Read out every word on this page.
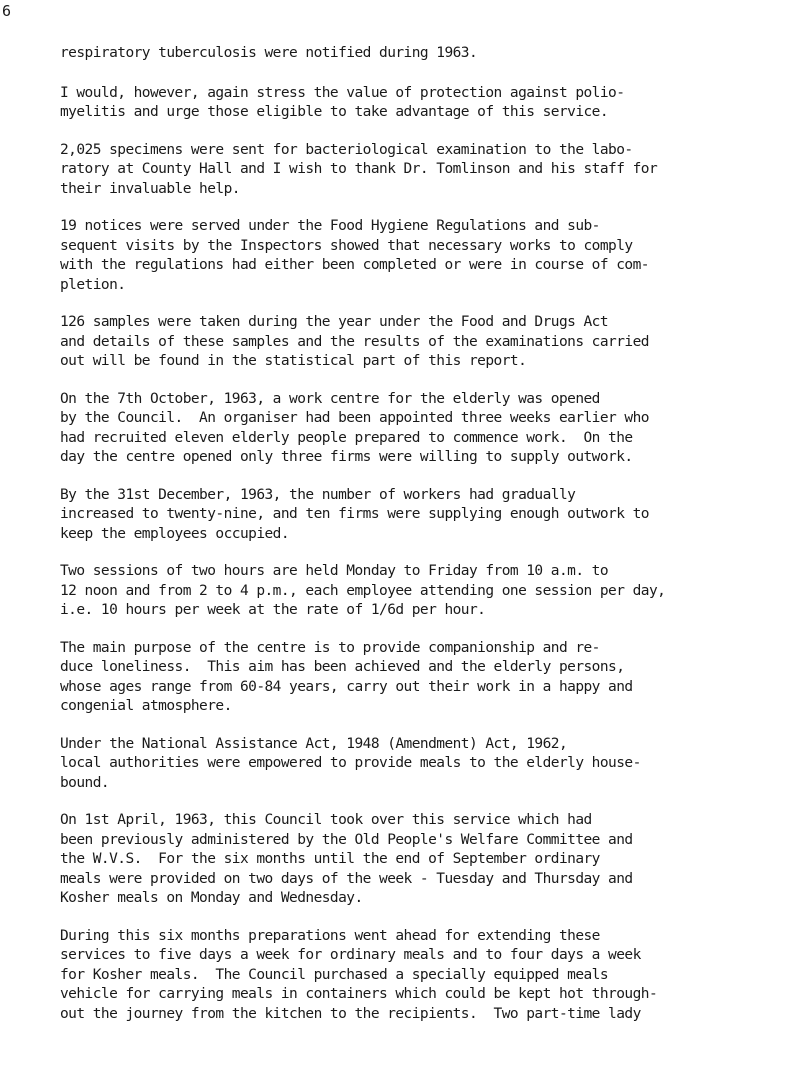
6

respiratory tuberculosis were notified during 1963.

I would, however, again stress the value of protection against polio-
myelitis and urge those eligible to take advantage of this service.

2,025 specimens were sent for bacteriological examination to the labo-
ratory at County Hall and I wish to thank Dr. Tomlinson and his staff for
their invaluable help.

19 notices were served under the Food Hygiene Regulations and sub-
sequent visits by the Inspectors showed that necessary works to comply
with the regulations had either been completed or were in course of com-
pletion.

126 samples were taken during the year under the Food and Drugs Act
and details of these samples and the results of the examinations carried
out will be found in the statistical part of this report.

On the 7th October, 1963, a work centre for the elderly was opened
by the Council.  An organiser had been appointed three weeks earlier who
had recruited eleven elderly people prepared to commence work.  On the
day the centre opened only three firms were willing to supply outwork.

By the 31st December, 1963, the number of workers had gradually
increased to twenty-nine, and ten firms were supplying enough outwork to
keep the employees occupied.

Two sessions of two hours are held Monday to Friday from 10 a.m. to
12 noon and from 2 to 4 p.m., each employee attending one session per day,
i.e. 10 hours per week at the rate of 1/6d per hour.

The main purpose of the centre is to provide companionship and re-
duce loneliness.  This aim has been achieved and the elderly persons,
whose ages range from 60-84 years, carry out their work in a happy and
congenial atmosphere.

Under the National Assistance Act, 1948 (Amendment) Act, 1962,
local authorities were empowered to provide meals to the elderly house-
bound.

On 1st April, 1963, this Council took over this service which had
been previously administered by the Old People's Welfare Committee and
the W.V.S.  For the six months until the end of September ordinary
meals were provided on two days of the week - Tuesday and Thursday and
Kosher meals on Monday and Wednesday.

During this six months preparations went ahead for extending these
services to five days a week for ordinary meals and to four days a week
for Kosher meals.  The Council purchased a specially equipped meals
vehicle for carrying meals in containers which could be kept hot through-
out the journey from the kitchen to the recipients.  Two part-time lady
